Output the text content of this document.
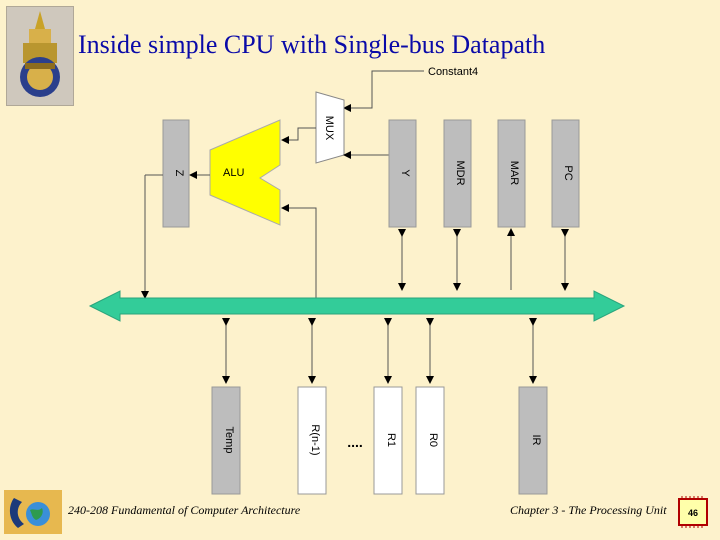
Inside simple CPU with Single-bus Datapath
Constant4
MUX
ALU
Z	Y	MDR	MAR	PC
Temp	R(n-1) .... R1	R0	IR
240-208 Fundamental of Computer Architecture	Chapter 3 - The Processing Unit 46
